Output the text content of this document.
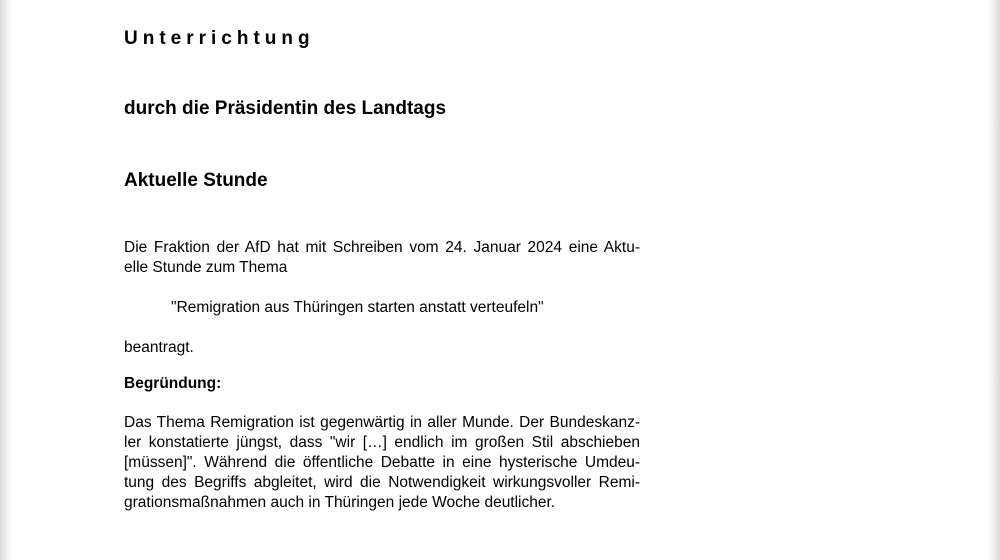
Unterrichtung
durch die Präsidentin des Landtags
Aktuelle Stunde
Die Fraktion der AfD hat mit Schreiben vom 24. Januar 2024 eine Aktu-
elle Stunde zum Thema
"Remigration aus Thüringen starten anstatt verteufeln"
beantragt.
Begründung:
Das Thema Remigration ist gegenwärtig in aller Munde. Der Bundeskanz-
ler konstatierte jüngst, dass "wir […] endlich im großen Stil abschieben
[müssen]". Während die öffentliche Debatte in eine hysterische Umdeu-
tung des Begriffs abgleitet, wird die Notwendigkeit wirkungsvoller Remi-
grationsmaßnahmen auch in Thüringen jede Woche deutlicher.
